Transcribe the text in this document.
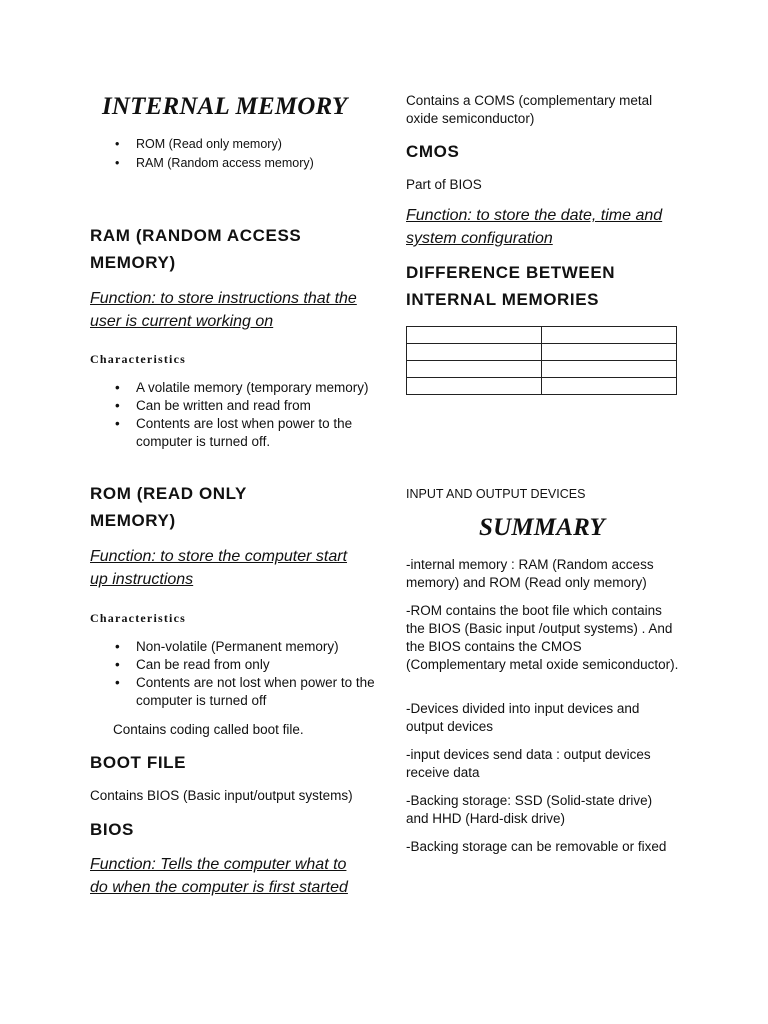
INTERNAL MEMORY
• ROM (Read only memory)
• RAM (Random access memory)
RAM (RANDOM ACCESS MEMORY)
Function: to store instructions that the user is current working on
Characteristics
• A volatile memory (temporary memory)
• Can be written and read from
• Contents are lost when power to the computer is turned off.
ROM (READ ONLY MEMORY)
Function: to store the computer start up instructions
Characteristics
• Non-volatile (Permanent memory)
• Can be read from only
• Contents are not lost when power to the computer is turned off
Contains coding called boot file.
BOOT FILE
Contains BIOS (Basic input/output systems)
BIOS
Function: Tells the computer what to do when the computer is first started
Contains a COMS (complementary metal oxide semiconductor)
CMOS
Part of BIOS
Function: to store the date, time and system configuration
DIFFERENCE BETWEEN INTERNAL MEMORIES

INPUT AND OUTPUT DEVICES
SUMMARY
-internal memory : RAM (Random access memory) and ROM (Read only memory)
-ROM contains the boot file which contains the BIOS (Basic input /output systems) . And the BIOS contains the CMOS (Complementary metal oxide semiconductor).
-Devices divided into input devices and output devices
-input devices send data : output devices receive data
-Backing storage: SSD (Solid-state drive) and HHD (Hard-disk drive)
-Backing storage can be removable or fixed
